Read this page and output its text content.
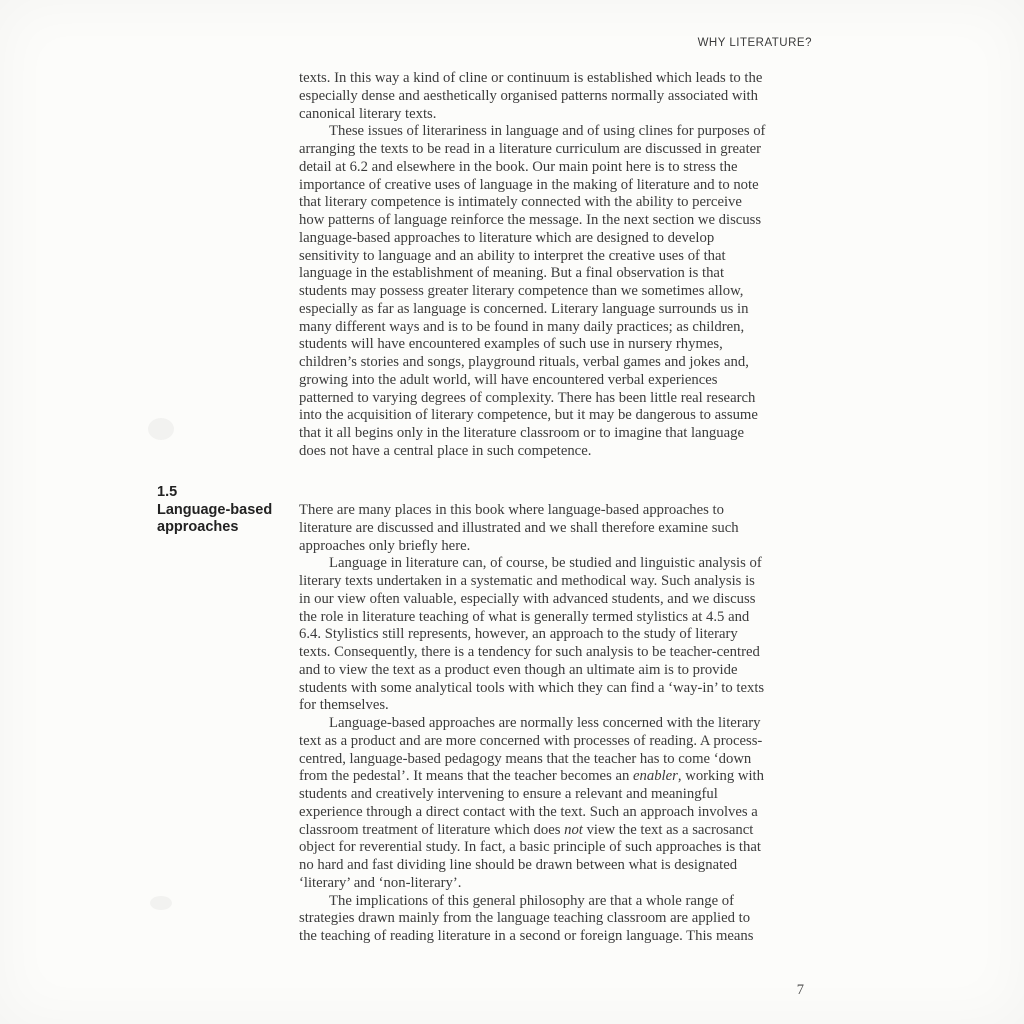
WHY LITERATURE?
texts. In this way a kind of cline or continuum is established which leads to the
especially dense and aesthetically organised patterns normally associated with
canonical literary texts.
These issues of literariness in language and of using clines for purposes of
arranging the texts to be read in a literature curriculum are discussed in greater
detail at 6.2 and elsewhere in the book. Our main point here is to stress the
importance of creative uses of language in the making of literature and to note
that literary competence is intimately connected with the ability to perceive
how patterns of language reinforce the message. In the next section we discuss
language-based approaches to literature which are designed to develop
sensitivity to language and an ability to interpret the creative uses of that
language in the establishment of meaning. But a final observation is that
students may possess greater literary competence than we sometimes allow,
especially as far as language is concerned. Literary language surrounds us in
many different ways and is to be found in many daily practices; as children,
students will have encountered examples of such use in nursery rhymes,
children’s stories and songs, playground rituals, verbal games and jokes and,
growing into the adult world, will have encountered verbal experiences
patterned to varying degrees of complexity. There has been little real research
into the acquisition of literary competence, but it may be dangerous to assume
that it all begins only in the literature classroom or to imagine that language
does not have a central place in such competence.
1.5
Language-based
approaches
There are many places in this book where language-based approaches to
literature are discussed and illustrated and we shall therefore examine such
approaches only briefly here.
Language in literature can, of course, be studied and linguistic analysis of
literary texts undertaken in a systematic and methodical way. Such analysis is
in our view often valuable, especially with advanced students, and we discuss
the role in literature teaching of what is generally termed stylistics at 4.5 and
6.4. Stylistics still represents, however, an approach to the study of literary
texts. Consequently, there is a tendency for such analysis to be teacher-centred
and to view the text as a product even though an ultimate aim is to provide
students with some analytical tools with which they can find a ‘way-in’ to texts
for themselves.
Language-based approaches are normally less concerned with the literary
text as a product and are more concerned with processes of reading. A process-
centred, language-based pedagogy means that the teacher has to come ‘down
from the pedestal’. It means that the teacher becomes an enabler, working with
students and creatively intervening to ensure a relevant and meaningful
experience through a direct contact with the text. Such an approach involves a
classroom treatment of literature which does not view the text as a sacrosanct
object for reverential study. In fact, a basic principle of such approaches is that
no hard and fast dividing line should be drawn between what is designated
‘literary’ and ‘non-literary’.
The implications of this general philosophy are that a whole range of
strategies drawn mainly from the language teaching classroom are applied to
the teaching of reading literature in a second or foreign language. This means
7
